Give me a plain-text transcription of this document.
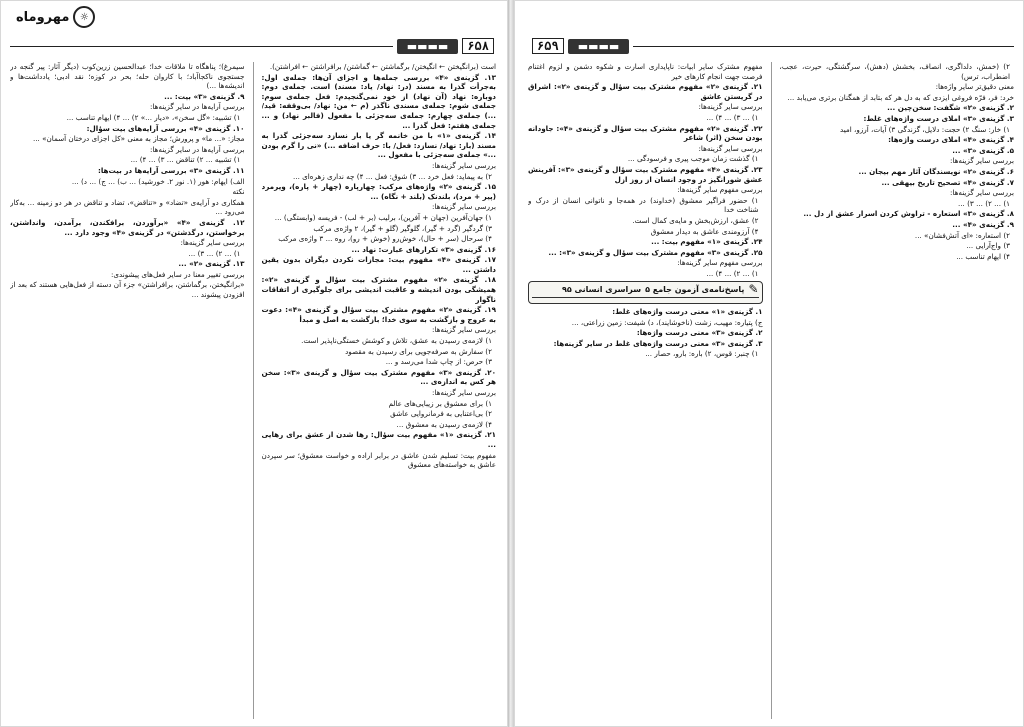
☼
مهروماه
۶۵۸
▬▬▬▬

است (برانگیختن ← انگیختن/ برگماشتن ← گماشتن/ برافراشتن ← افراشتن).

۱۳. گزینه‌ی «۴» بررسی جمله‌ها و اجزای آن‌ها: جمله‌ی اول: به‌جرأت گذرا به مسند (در: نهاد/ یاد: مسند) است. جمله‌ی دوم: دوباره: نهاد (آن نهاد) از خود نمی‌گنجیدم: فعل جمله‌ی سوم: جمله‌ی شوم: جمله‌ی مسندی ناگذر (م ← من: نهاد/ بی‌وقفه: قید/ ...) جمله‌ی چهارم: جمله‌ی سه‌جزئی با مفعول (فالبر نهاد) و ... جمله‌ی هفتم: فعل گذرا ...

۱۴. گزینه‌ی «۱» با من خانمه گر یا بار نسازد سه‌جزئی گذرا به مسند (بار: نهاد/ نسازد: فعل/ با: حرف اضافه ...) «نی را گرم بودن ...» جمله‌ی سه‌جزئی با مفعول ...

بررسی سایر گزینه‌ها:

۲) به پیماید: فعل خرد ... ۳) شوق: فعل ... ۴) چه نداری زهره‌ای ...

۱۵. گزینه‌ی «۲» واژه‌های مرکب: چهارپاره (چهار + پاره)، ویرمرد (پیر + مرد)، بلندنک (بلند + نگاه) ...

بررسی سایر گزینه‌ها:

۱) جهان‌آفرین (جهان + آفرین)، برلیب (بر + لب) - فریسه (وابستگی) ...

۳) گردگیر (گرد + گیر)، گلوگیر (گلو + گیر)، ۲ واژه‌ی مرکب

۴) سرحال (سر + حال)، خوش‌رو (خوش + رو)، روه ... ۳ واژه‌ی مرکب

۱۶. گزینه‌ی «۳» تکرارهای عبارت: نهاد ...

۱۷. گزینه‌ی «۴» مفهوم بیت: مجازات نکردن دیگران بدون یقین داشتن ...

۱۸. گزینه‌ی «۲» مفهوم مشترک بیت سؤال و گزینه‌ی «۲»: همیشگی بودن اندیشه و عاقبت اندیشی برای جلوگیری از اتفاقات ناگوار

۱۹. گزینه‌ی «۲» مفهوم مشترک بیت سؤال و گزینه‌ی «۴»: دعوت به عروج و بازگشت به سوی خدا؛ بازگشت به اصل و مبدأ

بررسی سایر گزینه‌ها:

۱) لازمه‌ی رسیدن به عشق، تلاش و کوشش خستگی‌ناپذیر است.

۲) سفارش به صرفه‌جویی برای رسیدن به مقصود

۳) حرص: از چاپ شدا می‌رسد و ...

۲۰. گزینه‌ی «۳» مفهوم مشترک بیت سؤال و گزینه‌ی «۳»: سخن هر کس به اندازه‌ی ...

بررسی سایر گزینه‌ها:

۱) برای معشوق بر زیبایی‌های عالم

۲) بی‌اعتنایی به فرمانروایی عاشق

۴) لازمه‌ی رسیدن به معشوق ...

۲۱. گزینه‌ی «۱» مفهوم بیت سؤال: رها شدن از عشق برای رهایی ...

مفهوم بیت: تسلیم شدن عاشق در برابر اراده و خواست معشوق؛ سر سپردن عاشق به خواسته‌های معشوق

سیمرغ)؛ پناهگاه تا ملاقات خدا؛ عبدالحسین زرین‌کوب (دیگر آثار: پیر گنجه در جستجوی ناکجاآباد؛ با کاروان حله؛ بحر در کوزه؛ نقد ادبی؛ یادداشت‌ها و اندیشه‌ها ...)

۹. گزینه‌ی «۳» بیت: ...

بررسی آرایه‌ها در سایر گزینه‌ها:

۱) تشبیه: «گل سخن»، «دیار ...» ۲) ... ۴) ایهام تناسب ...

۱۰. گزینه‌ی «۴» بررسی آرایه‌های بیت سؤال:

مجاز: «... ما» و پرورش؛ مجاز به معنی «کل اجزای درختان آسمان» ...

بررسی آرایه‌ها در سایر گزینه‌ها:

۱) تشبیه ... ۲) تناقض ... ۳) ... ۴) ...

۱۱. گزینه‌ی «۳» بررسی آرایه‌ها در بیت‌ها:

الف) ایهام: هور (۱. نور ۲. خورشید) ... ب) ... ج) ... د) ...

نکته

همکاری دو آرایه‌ی «تضاد» و «تناقض»، تضاد و تناقض در هر دو زمینه ... به‌کار می‌رود ...

۱۲. گزینه‌ی «۴» «برآوردن، برافکندن، برآمدن، وانداشتن، برخواستن، درگذشتن» در گزینه‌ی «۴» وجود دارد ...

بررسی سایر گزینه‌ها:

۱) ... ۲) ... ۳) ...

۱۳. گزینه‌ی «۲» ...

بررسی تغییر معنا در سایر فعل‌های پیشوندی:

«برانگیختن، برگماشتن، برافراشتن» جزء آن دسته از فعل‌هایی هستند که بعد از افزودن پیشوند ...

▬▬▬▬
۶۵۹

۲) (خمش، دلداگری، انصاف، بخشش (دهش)، سرگشتگی، حیرت، عجب، اضطراب، ترس)

معنی دقیق‌تر سایر واژه‌ها:

خرد: فر، فرّه فروغی ایزدی که به دل هر که بتابد از همگنان برتری می‌یابد ...

۲. گزینه‌ی «۲» شگفت: سخن‌چین ...

۳. گزینه‌ی «۳» املای درست واژه‌های غلط:

۱) خار: سنگ ۲) حجت: دلایل، گزندگی ۳) آیات، آرزو، امید

۴. گزینه‌ی «۴» املای درست واژه‌ها:

۵. گزینه‌ی «۳» ...

بررسی سایر گزینه‌ها:

۶. گزینه‌ی «۲» نویسندگان آثار مهم بیجان ...

۷. گزینه‌ی «۴» تصحیح تاریخ بیهقی ...

بررسی سایر گزینه‌ها:

۱) ... ۲) ... ۳) ...

۸. گزینه‌ی «۳» استعاره - تراوش کردن اسرار عشق از دل ...

۹. گزینه‌ی «۴» ...

۲) استعاره: «ای آتش‌فشان» ...

۳) واج‌آرایی ...

۴) ایهام تناسب ...

مفهوم مشترک سایر ابیات: ناپایداری اسارت و شکوه دشمن و لزوم اغتنام فرصت جهت انجام کارهای خیر

۲۱. گزینه‌ی «۲» مفهوم مشترک بیت سؤال و گزینه‌ی «۲»: اشراق در گریستن عاشق

بررسی سایر گزینه‌ها:

۱) ... ۳) ... ۴) ...

۲۲. گزینه‌ی «۲» مفهوم مشترک بیت سؤال و گزینه‌ی «۴»: جاودانه بودن سخن (اثر) شاعر

بررسی سایر گزینه‌ها:

۱) گذشت زمان موجب پیری و فرسودگی ...

۲۳. گزینه‌ی «۴» مفهوم مشترک بیت سؤال و گزینه‌ی «۳»: آفرینش عشق شورانگیز در وجود انسان از روز ازل

بررسی مفهوم سایر گزینه‌ها:

۱) حضور فراگیر معشوق (خداوند) در همه‌جا و ناتوانی انسان از درک و شناخت خدا

۲) عشق، ارزش‌بخش و مایه‌ی کمال است.

۴) آرزومندی عاشق به دیدار معشوق

۲۴. گزینه‌ی «۱» مفهوم بیت: ...

۲۵. گزینه‌ی «۳» مفهوم مشترک بیت سؤال و گزینه‌ی «۳»: ...

بررسی مفهوم سایر گزینه‌ها:

۱) ... ۲) ... ۴) ...

✎
پاسخ‌نامه‌ی آزمون جامع ۵
سراسری انسانی ۹۵

۱. گزینه‌ی «۱» معنی درست واژه‌های غلط:

ج) پتیاره: مهیب، زشت (ناخوشایند)، د) شیفت: زمین زراعتی، ...

۲. گزینه‌ی «۳» معنی درست واژه‌ها:

۳. گزینه‌ی «۳» معنی درست واژه‌های غلط در سایر گزینه‌ها:

۱) چنبر: قوس، ۲) باره: بارو، حصار ...
